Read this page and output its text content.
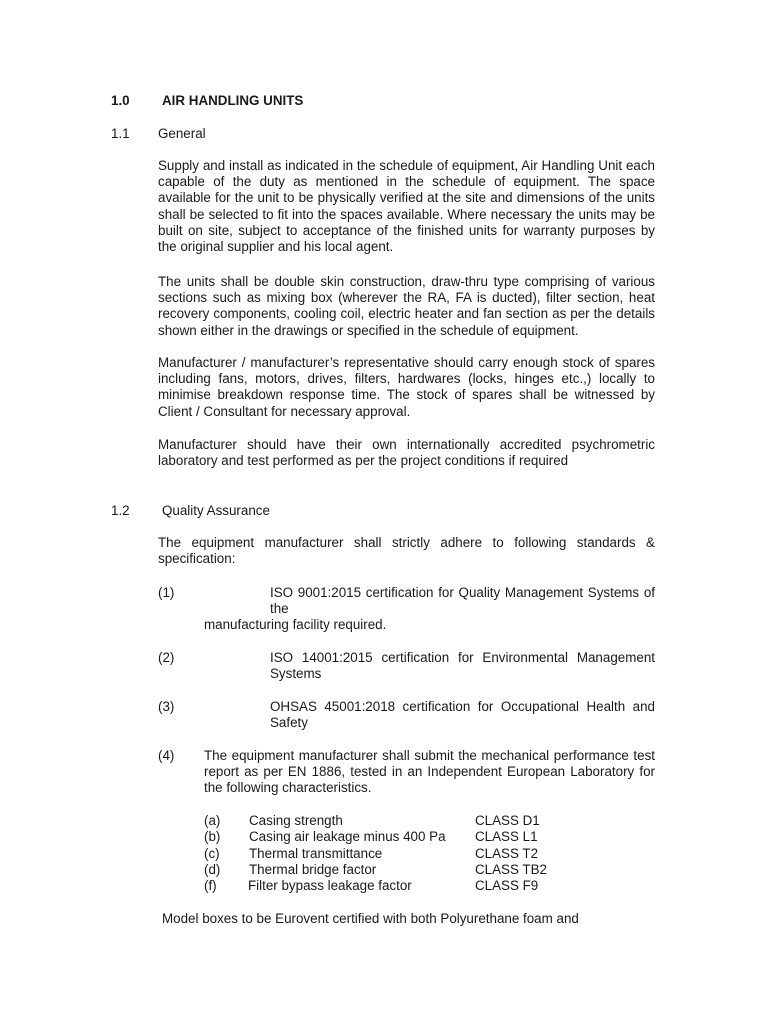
1.0 AIR HANDLING UNITS
1.1 General
Supply and install as indicated in the schedule of equipment, Air Handling Unit each capable of the duty as mentioned in the schedule of equipment. The space available for the unit to be physically verified at the site and dimensions of the units shall be selected to fit into the spaces available. Where necessary the units may be built on site, subject to acceptance of the finished units for warranty purposes by the original supplier and his local agent.
The units shall be double skin construction, draw-thru type comprising of various sections such as mixing box (wherever the RA, FA is ducted), filter section, heat recovery components, cooling coil, electric heater and fan section as per the details shown either in the drawings or specified in the schedule of equipment.
Manufacturer / manufacturer’s representative should carry enough stock of spares including fans, motors, drives, filters, hardwares (locks, hinges etc.,) locally to minimise breakdown response time. The stock of spares shall be witnessed by Client / Consultant for necessary approval.
Manufacturer should have their own internationally accredited psychrometric laboratory and test performed as per the project conditions if required
1.2 Quality Assurance
The equipment manufacturer shall strictly adhere to following standards & specification:
(1)	ISO 9001:2015 certification for Quality Management Systems of the
manufacturing facility required.
(2)	ISO 14001:2015 certification for Environmental Management Systems
(3)	OHSAS 45001:2018 certification for Occupational Health and Safety
(4) The equipment manufacturer shall submit the mechanical performance test report as per EN 1886, tested in an Independent European Laboratory for the following characteristics.
(a) Casing strength	CLASS D1
(b) Casing air leakage minus 400 Pa CLASS L1
(c) Thermal transmittance	CLASS T2
(d) Thermal bridge factor	CLASS TB2
(f) Filter bypass leakage factor	CLASS F9
Model boxes to be Eurovent certified with both Polyurethane foam and
